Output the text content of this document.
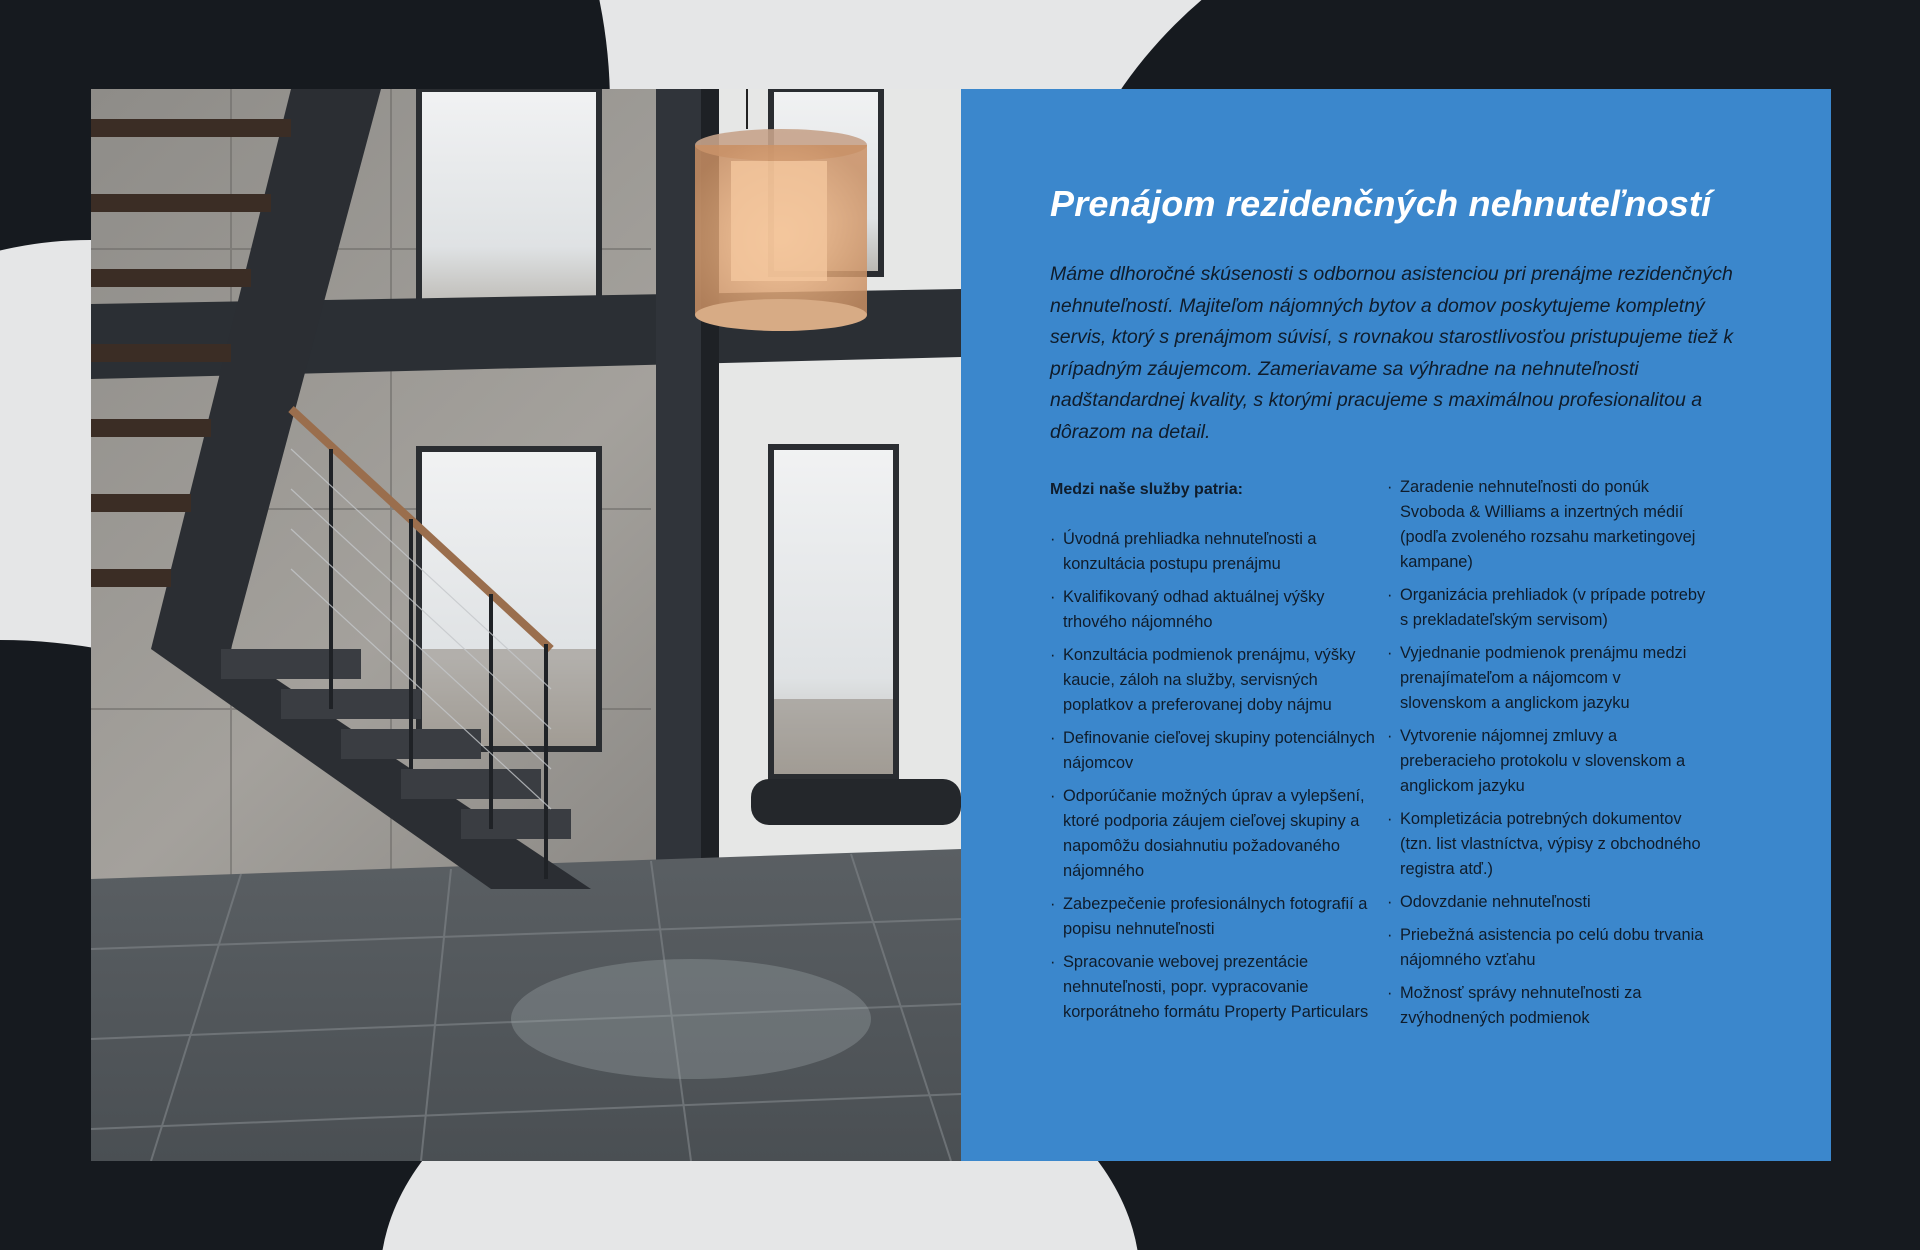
Prenájom rezidenčných nehnuteľností

Máme dlhoročné skúsenosti s odbornou asistenciou pri prenájme rezidenčných nehnuteľností. Majiteľom nájomných bytov a domov poskytujeme kompletný servis, ktorý s prenájmom súvisí, s rovnakou starostlivosťou pristupujeme tiež k prípadným záujemcom. Zameriavame sa výhradne na nehnuteľnosti nadštandardnej kvality, s ktorými pracujeme s maximálnou profesionalitou a dôrazom na detail.

Medzi naše služby patria:

· Úvodná prehliadka nehnuteľnosti a konzultácia postupu prenájmu
· Kvalifikovaný odhad aktuálnej výšky trhového nájomného
· Konzultácia podmienok prenájmu, výšky kaucie, záloh na služby, servisných poplatkov a preferovanej doby nájmu
· Definovanie cieľovej skupiny potenciálnych nájomcov
· Odporúčanie možných úprav a vylepšení, ktoré podporia záujem cieľovej skupiny a napomôžu dosiahnutiu požadovaného nájomného
· Zabezpečenie profesionálnych fotografií a popisu nehnuteľnosti
· Spracovanie webovej prezentácie nehnuteľnosti, popr. vypracovanie korporátneho formátu Property Particulars
· Zaradenie nehnuteľnosti do ponúk Svoboda & Williams a inzertných médií (podľa zvoleného rozsahu marketingovej kampane)
· Organizácia prehliadok (v prípade potreby s prekladateľským servisom)
· Vyjednanie podmienok prenájmu medzi prenajímateľom a nájomcom v slovenskom a anglickom jazyku
· Vytvorenie nájomnej zmluvy a preberacieho protokolu v slovenskom a anglickom jazyku
· Kompletizácia potrebných dokumentov (tzn. list vlastníctva, výpisy z obchodného registra atď.)
· Odovzdanie nehnuteľnosti
· Priebežná asistencia po celú dobu trvania nájomného vzťahu
· Možnosť správy nehnuteľnosti za zvýhodnených podmienok
